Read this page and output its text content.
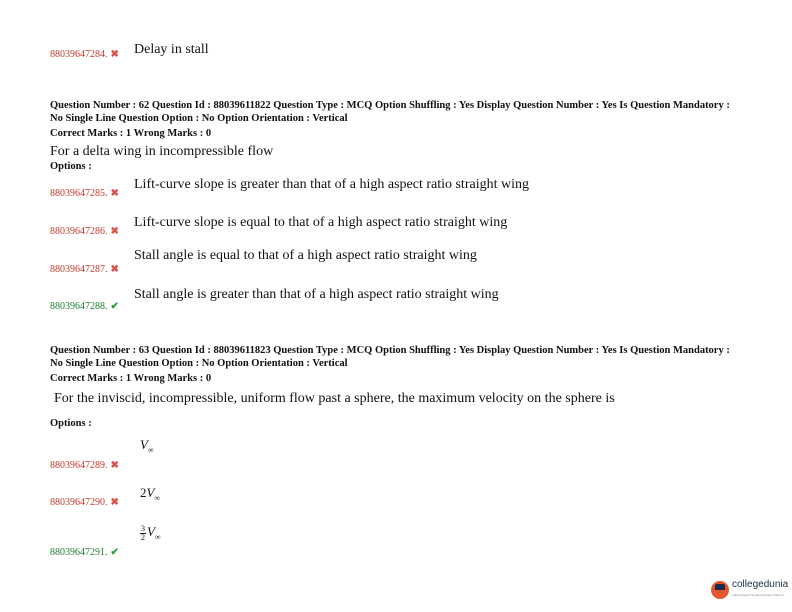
88039647284. ✖ Delay in stall
Question Number : 62 Question Id : 88039611822 Question Type : MCQ Option Shuffling : Yes Display Question Number : Yes Is Question Mandatory : No Single Line Question Option : No Option Orientation : Vertical
Correct Marks : 1 Wrong Marks : 0
For a delta wing in incompressible flow
Options :
88039647285. ✖
Lift-curve slope is greater than that of a high aspect ratio straight wing
88039647286. ✖
Lift-curve slope is equal to that of a high aspect ratio straight wing
88039647287. ✖
Stall angle is equal to that of a high aspect ratio straight wing
88039647288. ✔
Stall angle is greater than that of a high aspect ratio straight wing
Question Number : 63 Question Id : 88039611823 Question Type : MCQ Option Shuffling : Yes Display Question Number : Yes Is Question Mandatory : No Single Line Question Option : No Option Orientation : Vertical
Correct Marks : 1 Wrong Marks : 0
For the inviscid, incompressible, uniform flow past a sphere, the maximum velocity on the sphere is
Options :
88039647289. ✖
$V_\infty$
88039647290. ✖
$2V_\infty$
88039647291. ✔
$\frac{3}{2} V_\infty$
collegedunia
India's largest Student Review Platform
